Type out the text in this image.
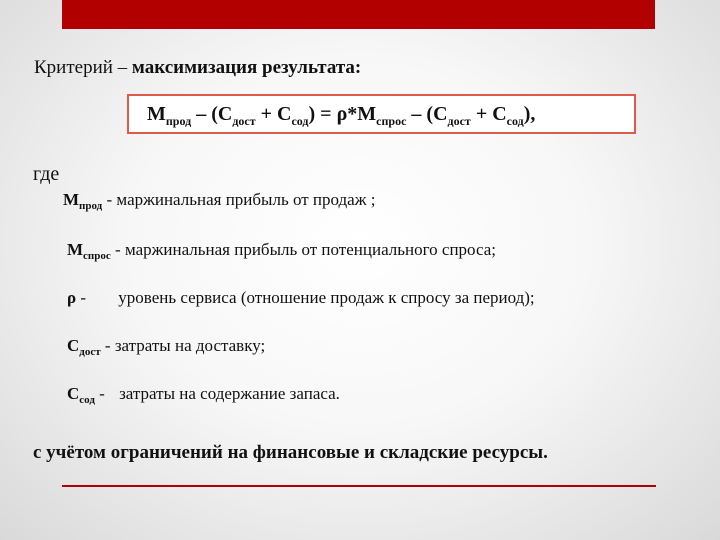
Критерий – максимизация результата:
$М_{прод} - (С_{дост} + С_{сод}) = \rho*М_{спрос} - (С_{дост} + С_{сод})$,
где
$М_{прод}$ - маржинальная прибыль от продаж ;
$М_{спрос}$ - маржинальная прибыль от потенциального спроса;
ρ - уровень сервиса (отношение продаж к спросу за период);
$С_{дост}$ - затраты на доставку;
$С_{сод}$ - затраты на содержание запаса.
с учётом ограничений на финансовые и складские ресурсы.
